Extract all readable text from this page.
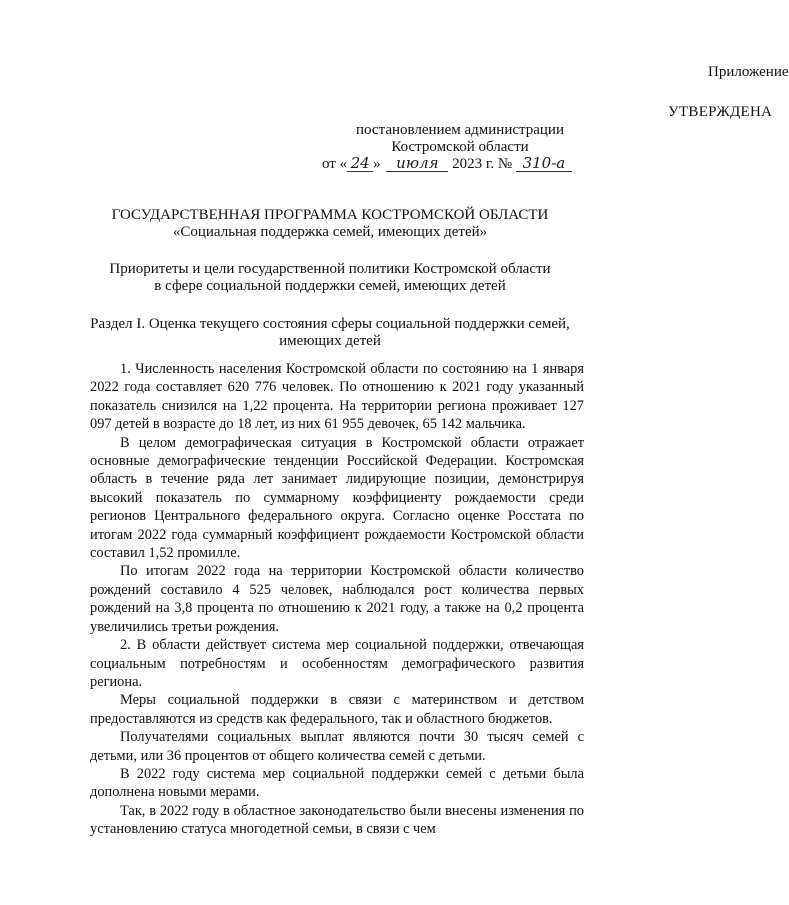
Приложение
УТВЕРЖДЕНА
постановлением администрации
Костромской области
от « 24 » июля 2023 г. № 310-а
ГОСУДАРСТВЕННАЯ ПРОГРАММА КОСТРОМСКОЙ ОБЛАСТИ
«Социальная поддержка семей, имеющих детей»
Приоритеты и цели государственной политики Костромской области
в сфере социальной поддержки семей, имеющих детей
Раздел I. Оценка текущего состояния сферы социальной поддержки семей,
имеющих детей

1. Численность населения Костромской области по состоянию на 1 января 2022 года составляет 620 776 человек. По отношению к 2021 году указанный показатель снизился на 1,22 процента. На территории региона проживает 127 097 детей в возрасте до 18 лет, из них 61 955 девочек, 65 142 мальчика.

В целом демографическая ситуация в Костромской области отражает основные демографические тенденции Российской Федерации. Костромская область в течение ряда лет занимает лидирующие позиции, демонстрируя высокий показатель по суммарному коэффициенту рождаемости среди регионов Центрального федерального округа. Согласно оценке Росстата по итогам 2022 года суммарный коэффициент рождаемости Костромской области составил 1,52 промилле.

По итогам 2022 года на территории Костромской области количество рождений составило 4 525 человек, наблюдался рост количества первых рождений на 3,8 процента по отношению к 2021 году, а также на 0,2 процента увеличились третьи рождения.

2. В области действует система мер социальной поддержки, отвечающая социальным потребностям и особенностям демографического развития региона.

Меры социальной поддержки в связи с материнством и детством предоставляются из средств как федерального, так и областного бюджетов.

Получателями социальных выплат являются почти 30 тысяч семей с детьми, или 36 процентов от общего количества семей с детьми.

В 2022 году система мер социальной поддержки семей с детьми была дополнена новыми мерами.

Так, в 2022 году в областное законодательство были внесены изменения по установлению статуса многодетной семьи, в связи с чем
